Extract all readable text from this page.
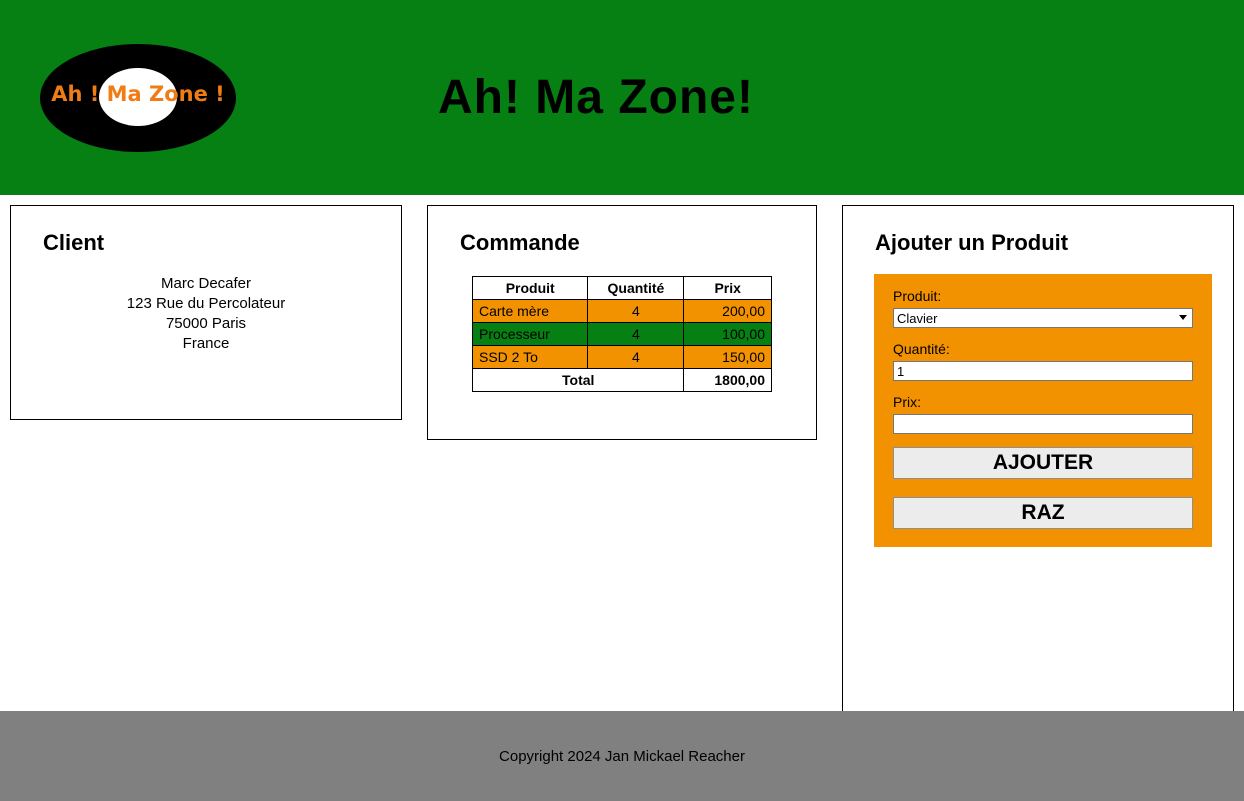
Ah ! Ma Zone !	Ah! Ma Zone!
Client
Marc Decafer
123 Rue du Percolateur
75000 Paris
France
Commande
Produit	Quantité	Prix
Carte mère	4	200,00
Processeur	4	100,00
SSD 2 To	4	150,00
Total		1800,00
Ajouter un Produit
Produit:
Clavier
Quantité:
1
Prix:
AJOUTER
RAZ
Copyright 2024 Jan Mickael Reacher
